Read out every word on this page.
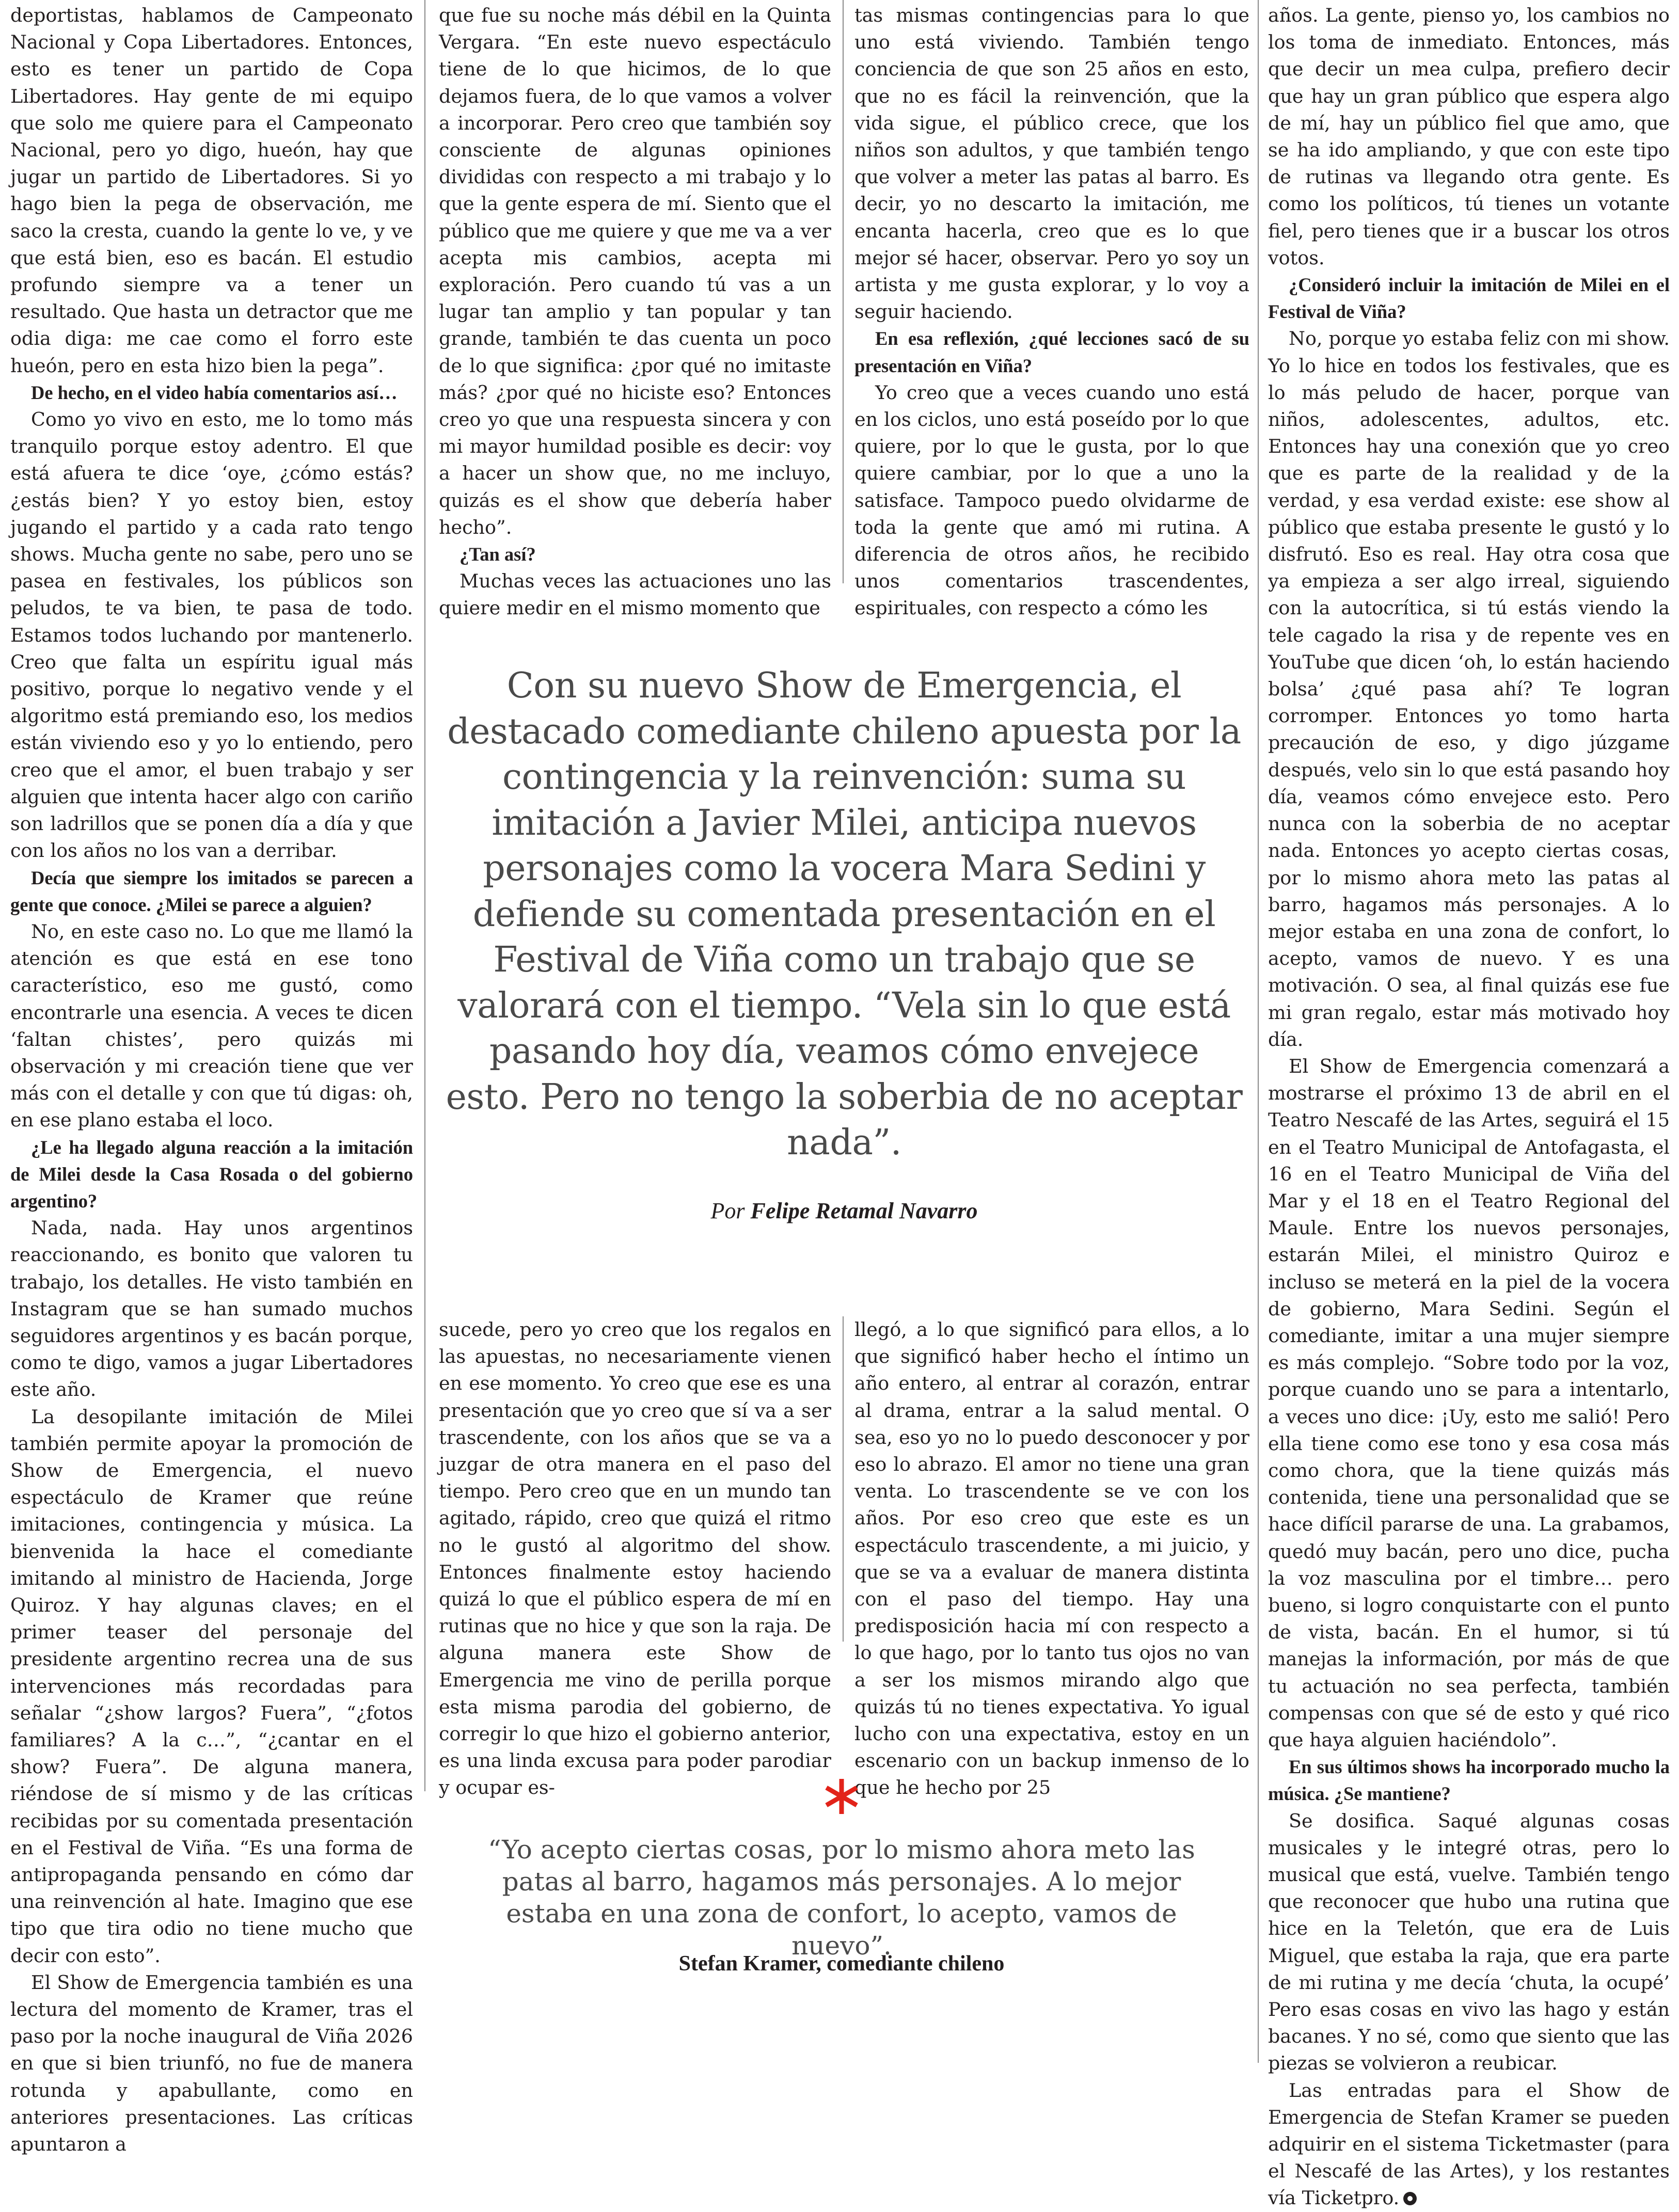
deportistas, hablamos de Campeonato Nacional y Copa Libertadores. Entonces, esto es tener un partido de Copa Libertadores. Hay gente de mi equipo que solo me quiere para el Campeonato Nacional, pero yo digo, hueón, hay que jugar un partido de Libertadores. Si yo hago bien la pega de observación, me saco la cresta, cuando la gente lo ve, y ve que está bien, eso es bacán. El estudio profundo siempre va a tener un resultado. Que hasta un detractor que me odia diga: me cae como el forro este hueón, pero en esta hizo bien la pega”.

De hecho, en el video había comentarios así…

Como yo vivo en esto, me lo tomo más tranquilo porque estoy adentro. El que está afuera te dice ‘oye, ¿cómo estás? ¿estás bien? Y yo estoy bien, estoy jugando el partido y a cada rato tengo shows. Mucha gente no sabe, pero uno se pasea en festivales, los públicos son peludos, te va bien, te pasa de todo. Estamos todos luchando por mantenerlo. Creo que falta un espíritu igual más positivo, porque lo negativo vende y el algoritmo está premiando eso, los medios están viviendo eso y yo lo entiendo, pero creo que el amor, el buen trabajo y ser alguien que intenta hacer algo con cariño son ladrillos que se ponen día a día y que con los años no los van a derribar.

Decía que siempre los imitados se parecen a gente que conoce. ¿Milei se parece a alguien?

No, en este caso no. Lo que me llamó la atención es que está en ese tono característico, eso me gustó, como encontrarle una esencia. A veces te dicen ‘faltan chistes’, pero quizás mi observación y mi creación tiene que ver más con el detalle y con que tú digas: oh, en ese plano estaba el loco.

¿Le ha llegado alguna reacción a la imitación de Milei desde la Casa Rosada o del gobierno argentino?

Nada, nada. Hay unos argentinos reaccionando, es bonito que valoren tu trabajo, los detalles. He visto también en Instagram que se han sumado muchos seguidores argentinos y es bacán porque, como te digo, vamos a jugar Libertadores este año.

La desopilante imitación de Milei también permite apoyar la promoción de Show de Emergencia, el nuevo espectáculo de Kramer que reúne imitaciones, contingencia y música. La bienvenida la hace el comediante imitando al ministro de Hacienda, Jorge Quiroz. Y hay algunas claves; en el primer teaser del personaje del presidente argentino recrea una de sus intervenciones más recordadas para señalar “¿show largos? Fuera”, “¿fotos familiares? A la c…”, “¿cantar en el show? Fuera”. De alguna manera, riéndose de sí mismo y de las críticas recibidas por su comentada presentación en el Festival de Viña. “Es una forma de antipropaganda pensando en cómo dar una reinvención al hate. Imagino que ese tipo que tira odio no tiene mucho que decir con esto”.

El Show de Emergencia también es una lectura del momento de Kramer, tras el paso por la noche inaugural de Viña 2026 en que si bien triunfó, no fue de manera rotunda y apabullante, como en anteriores presentaciones. Las críticas apuntaron a

que fue su noche más débil en la Quinta Vergara. “En este nuevo espectáculo tiene de lo que hicimos, de lo que dejamos fuera, de lo que vamos a volver a incorporar. Pero creo que también soy consciente de algunas opiniones divididas con respecto a mi trabajo y lo que la gente espera de mí. Siento que el público que me quiere y que me va a ver acepta mis cambios, acepta mi exploración. Pero cuando tú vas a un lugar tan amplio y tan popular y tan grande, también te das cuenta un poco de lo que significa: ¿por qué no imitaste más? ¿por qué no hiciste eso? Entonces creo yo que una respuesta sincera y con mi mayor humildad posible es decir: voy a hacer un show que, no me incluyo, quizás es el show que debería haber hecho”.

¿Tan así?

Muchas veces las actuaciones uno las quiere medir en el mismo momento que

tas mismas contingencias para lo que uno está viviendo. También tengo conciencia de que son 25 años en esto, que no es fácil la reinvención, que la vida sigue, el público crece, que los niños son adultos, y que también tengo que volver a meter las patas al barro. Es decir, yo no descarto la imitación, me encanta hacerla, creo que es lo que mejor sé hacer, observar. Pero yo soy un artista y me gusta explorar, y lo voy a seguir haciendo.

En esa reflexión, ¿qué lecciones sacó de su presentación en Viña?

Yo creo que a veces cuando uno está en los ciclos, uno está poseído por lo que quiere, por lo que le gusta, por lo que quiere cambiar, por lo que a uno la satisface. Tampoco puedo olvidarme de toda la gente que amó mi rutina. A diferencia de otros años, he recibido unos comentarios trascendentes, espirituales, con respecto a cómo les

Con su nuevo Show de Emergencia, el destacado comediante chileno apuesta por la contingencia y la reinvención: suma su imitación a Javier Milei, anticipa nuevos personajes como la vocera Mara Sedini y defiende su comentada presentación en el Festival de Viña como un trabajo que se valorará con el tiempo. “Vela sin lo que está pasando hoy día, veamos cómo envejece esto. Pero no tengo la soberbia de no aceptar nada”.
Por Felipe Retamal Navarro

sucede, pero yo creo que los regalos en las apuestas, no necesariamente vienen en ese momento. Yo creo que ese es una presentación que yo creo que sí va a ser trascendente, con los años que se va a juzgar de otra manera en el paso del tiempo. Pero creo que en un mundo tan agitado, rápido, creo que quizá el ritmo no le gustó al algoritmo del show. Entonces finalmente estoy haciendo quizá lo que el público espera de mí en rutinas que no hice y que son la raja. De alguna manera este Show de Emergencia me vino de perilla porque esta misma parodia del gobierno, de corregir lo que hizo el gobierno anterior, es una linda excusa para poder parodiar y ocupar es-

llegó, a lo que significó para ellos, a lo que significó haber hecho el íntimo un año entero, al entrar al corazón, entrar al drama, entrar a la salud mental. O sea, eso yo no lo puedo desconocer y por eso lo abrazo. El amor no tiene una gran venta. Lo trascendente se ve con los años. Por eso creo que este es un espectáculo trascendente, a mi juicio, y que se va a evaluar de manera distinta con el paso del tiempo. Hay una predisposición hacia mí con respecto a lo que hago, por lo tanto tus ojos no van a ser los mismos mirando algo que quizás tú no tienes expectativa. Yo igual lucho con una expectativa, estoy en un escenario con un backup inmenso de lo que he hecho por 25

“Yo acepto ciertas cosas, por lo mismo ahora meto las patas al barro, hagamos más personajes. A lo mejor estaba en una zona de confort, lo acepto, vamos de nuevo”.
Stefan Kramer, comediante chileno

años. La gente, pienso yo, los cambios no los toma de inmediato. Entonces, más que decir un mea culpa, prefiero decir que hay un gran público que espera algo de mí, hay un público fiel que amo, que se ha ido ampliando, y que con este tipo de rutinas va llegando otra gente. Es como los políticos, tú tienes un votante fiel, pero tienes que ir a buscar los otros votos.

¿Consideró incluir la imitación de Milei en el Festival de Viña?

No, porque yo estaba feliz con mi show. Yo lo hice en todos los festivales, que es lo más peludo de hacer, porque van niños, adolescentes, adultos, etc. Entonces hay una conexión que yo creo que es parte de la realidad y de la verdad, y esa verdad existe: ese show al público que estaba presente le gustó y lo disfrutó. Eso es real. Hay otra cosa que ya empieza a ser algo irreal, siguiendo con la autocrítica, si tú estás viendo la tele cagado la risa y de repente ves en YouTube que dicen ‘oh, lo están haciendo bolsa’ ¿qué pasa ahí? Te logran corromper. Entonces yo tomo harta precaución de eso, y digo júzgame después, velo sin lo que está pasando hoy día, veamos cómo envejece esto. Pero nunca con la soberbia de no aceptar nada. Entonces yo acepto ciertas cosas, por lo mismo ahora meto las patas al barro, hagamos más personajes. A lo mejor estaba en una zona de confort, lo acepto, vamos de nuevo. Y es una motivación. O sea, al final quizás ese fue mi gran regalo, estar más motivado hoy día.

El Show de Emergencia comenzará a mostrarse el próximo 13 de abril en el Teatro Nescafé de las Artes, seguirá el 15 en el Teatro Municipal de Antofagasta, el 16 en el Teatro Municipal de Viña del Mar y el 18 en el Teatro Regional del Maule. Entre los nuevos personajes, estarán Milei, el ministro Quiroz e incluso se meterá en la piel de la vocera de gobierno, Mara Sedini. Según el comediante, imitar a una mujer siempre es más complejo. “Sobre todo por la voz, porque cuando uno se para a intentarlo, a veces uno dice: ¡Uy, esto me salió! Pero ella tiene como ese tono y esa cosa más como chora, que la tiene quizás más contenida, tiene una personalidad que se hace difícil pararse de una. La grabamos, quedó muy bacán, pero uno dice, pucha la voz masculina por el timbre… pero bueno, si logro conquistarte con el punto de vista, bacán. En el humor, si tú manejas la información, por más de que tu actuación no sea perfecta, también compensas con que sé de esto y qué rico que haya alguien haciéndolo”.

En sus últimos shows ha incorporado mucho la música. ¿Se mantiene?

Se dosifica. Saqué algunas cosas musicales y le integré otras, pero lo musical que está, vuelve. También tengo que reconocer que hubo una rutina que hice en la Teletón, que era de Luis Miguel, que estaba la raja, que era parte de mi rutina y me decía ‘chuta, la ocupé’ Pero esas cosas en vivo las hago y están bacanes. Y no sé, como que siento que las piezas se volvieron a reubicar.

Las entradas para el Show de Emergencia de Stefan Kramer se pueden adquirir en el sistema Ticketmaster (para el Nescafé de las Artes), y los restantes vía Ticketpro.
